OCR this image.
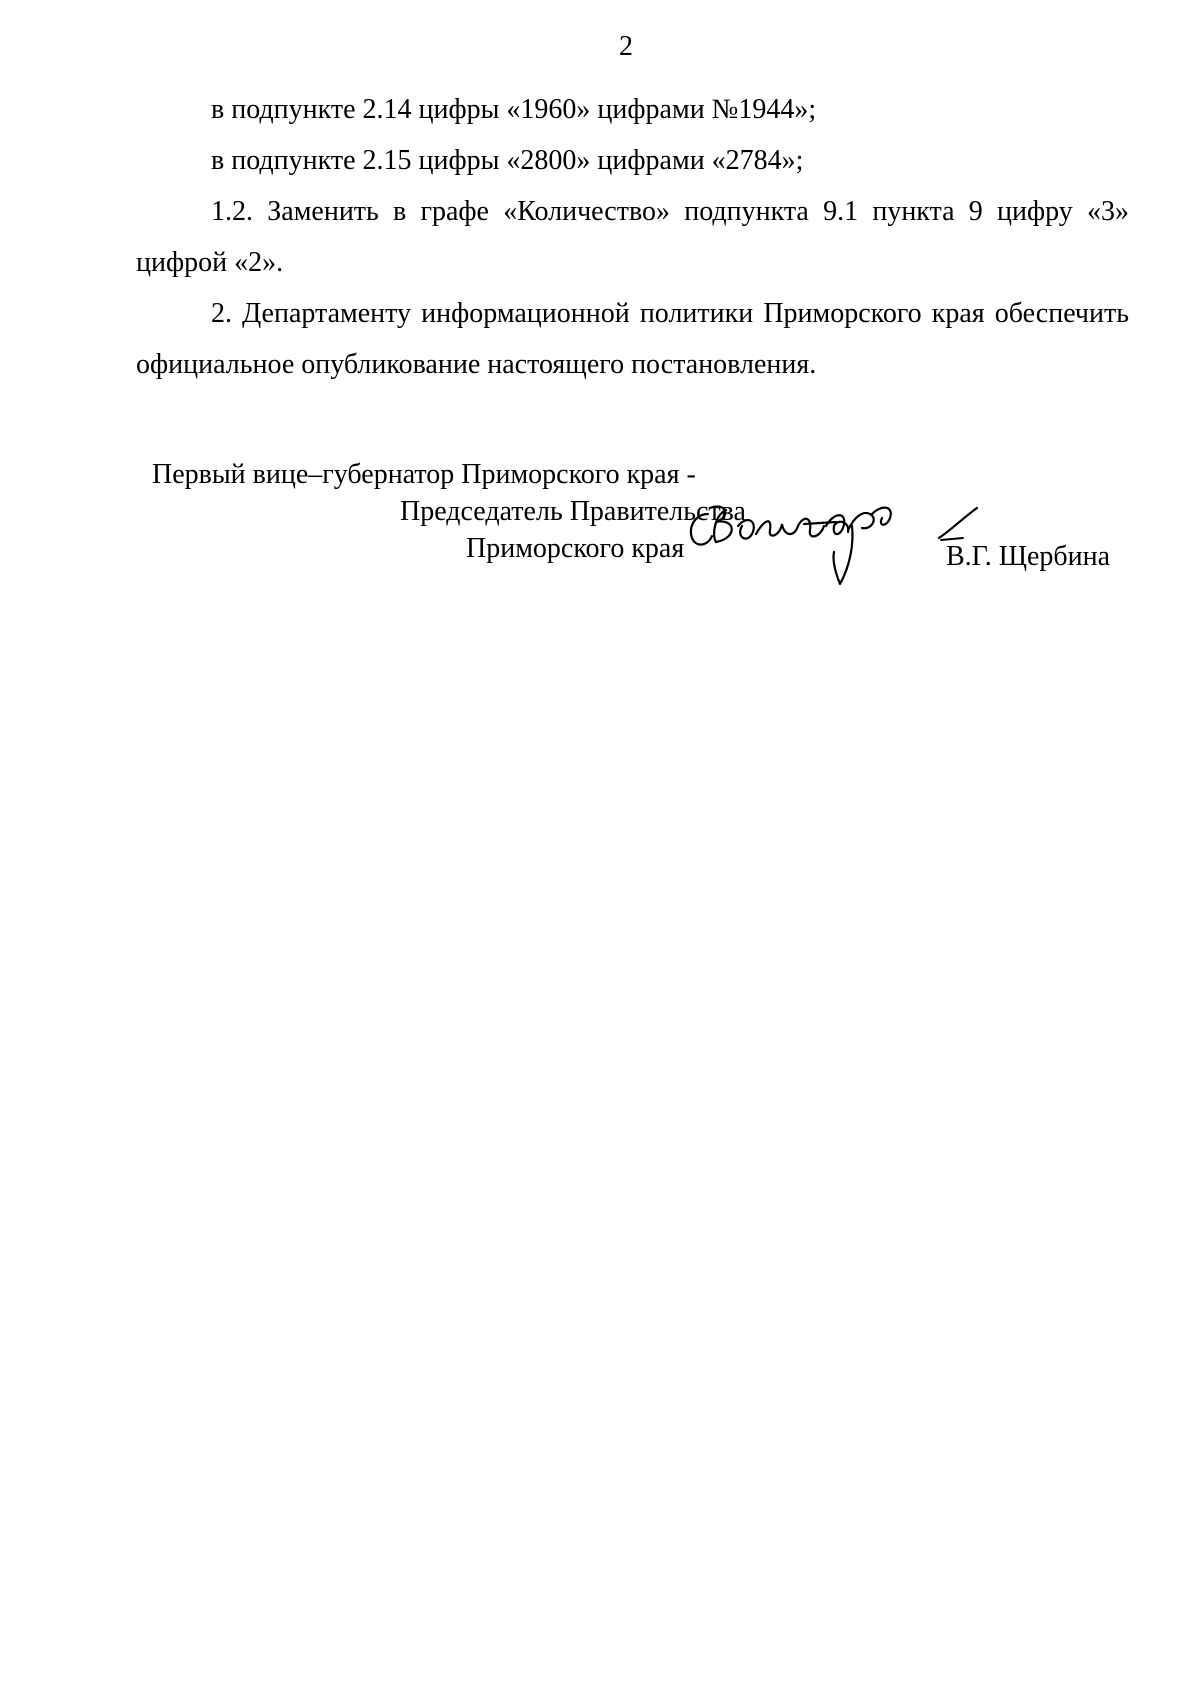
2

в подпункте 2.14 цифры «1960» цифрами №1944»;

в подпункте 2.15 цифры «2800» цифрами «2784»;

1.2. Заменить в графе «Количество» подпункта 9.1 пункта 9 цифру «3» цифрой «2».

2. Департаменту информационной политики Приморского края обеспечить официальное опубликование настоящего постановления.

Первый вице–губернатор Приморского края -
Председатель Правительства
Приморского края	В.Г. Щербина
